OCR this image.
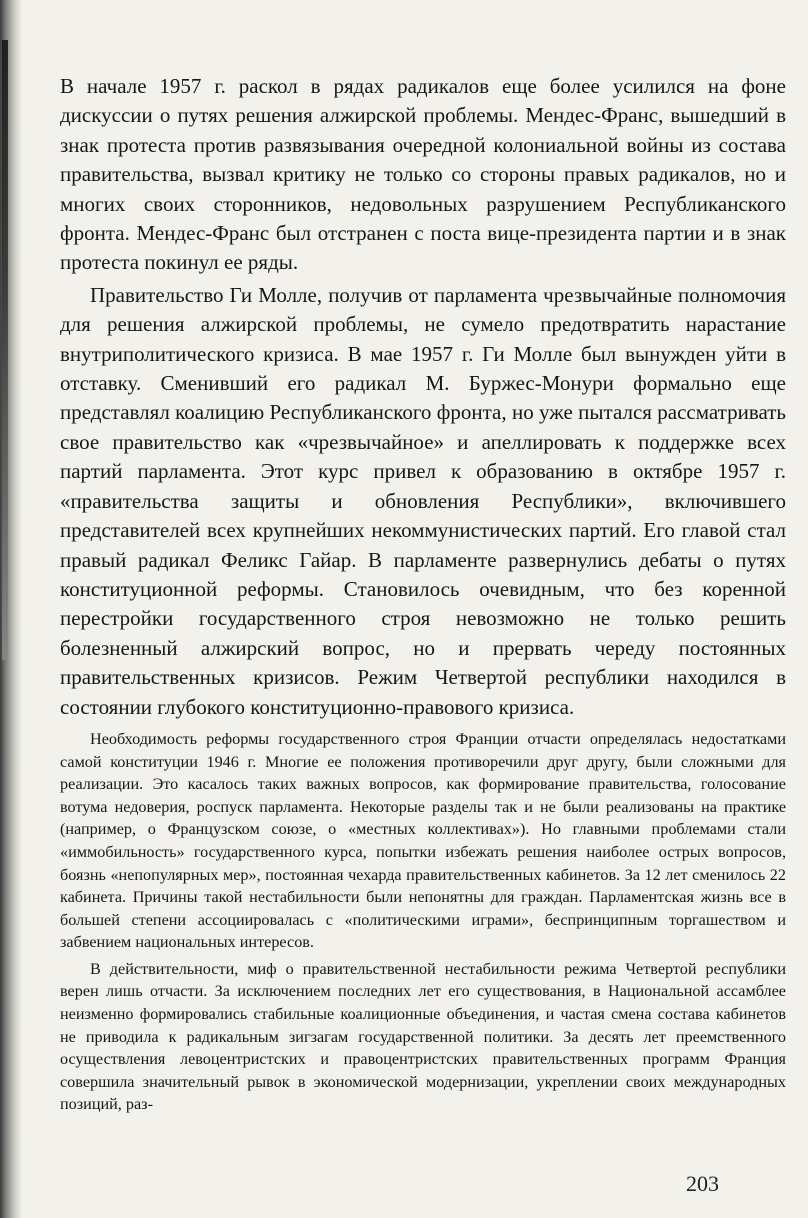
В начале 1957 г. раскол в рядах радикалов еще более усилился на фоне дискуссии о путях решения алжирской проблемы. Мендес-Франс, вышедший в знак протеста против развязывания очередной колониальной войны из состава правительства, вызвал критику не только со стороны правых радикалов, но и многих своих сторонников, недовольных разрушением Республиканского фронта. Мендес-Франс был отстранен с поста вице-президента партии и в знак протеста покинул ее ряды.

Правительство Ги Молле, получив от парламента чрезвычайные полномочия для решения алжирской проблемы, не сумело предотвратить нарастание внутриполитического кризиса. В мае 1957 г. Ги Молле был вынужден уйти в отставку. Сменивший его радикал М. Буржес-Монури формально еще представлял коалицию Республиканского фронта, но уже пытался рассматривать свое правительство как «чрезвычайное» и апеллировать к поддержке всех партий парламента. Этот курс привел к образованию в октябре 1957 г. «правительства защиты и обновления Республики», включившего представителей всех крупнейших некоммунистических партий. Его главой стал правый радикал Феликс Гайар. В парламенте развернулись дебаты о путях конституционной реформы. Становилось очевидным, что без коренной перестройки государственного строя невозможно не только решить болезненный алжирский вопрос, но и прервать череду постоянных правительственных кризисов. Режим Четвертой республики находился в состоянии глубокого конституционно-правового кризиса.

Необходимость реформы государственного строя Франции отчасти определялась недостатками самой конституции 1946 г. Многие ее положения противоречили друг другу, были сложными для реализации. Это касалось таких важных вопросов, как формирование правительства, голосование вотума недоверия, роспуск парламента. Некоторые разделы так и не были реализованы на практике (например, о Французском союзе, о «местных коллективах»). Но главными проблемами стали «иммобильность» государственного курса, попытки избежать решения наиболее острых вопросов, боязнь «непопулярных мер», постоянная чехарда правительственных кабинетов. За 12 лет сменилось 22 кабинета. Причины такой нестабильности были непонятны для граждан. Парламентская жизнь все в большей степени ассоциировалась с «политическими играми», беспринципным торгашеством и забвением национальных интересов.

В действительности, миф о правительственной нестабильности режима Четвертой республики верен лишь отчасти. За исключением последних лет его существования, в Национальной ассамблее неизменно формировались стабильные коалиционные объединения, и частая смена состава кабинетов не приводила к радикальным зигзагам государственной политики. За десять лет преемственного осуществления левоцентристских и правоцентристских правительственных программ Франция совершила значительный рывок в экономической модернизации, укреплении своих международных позиций, раз-

203
